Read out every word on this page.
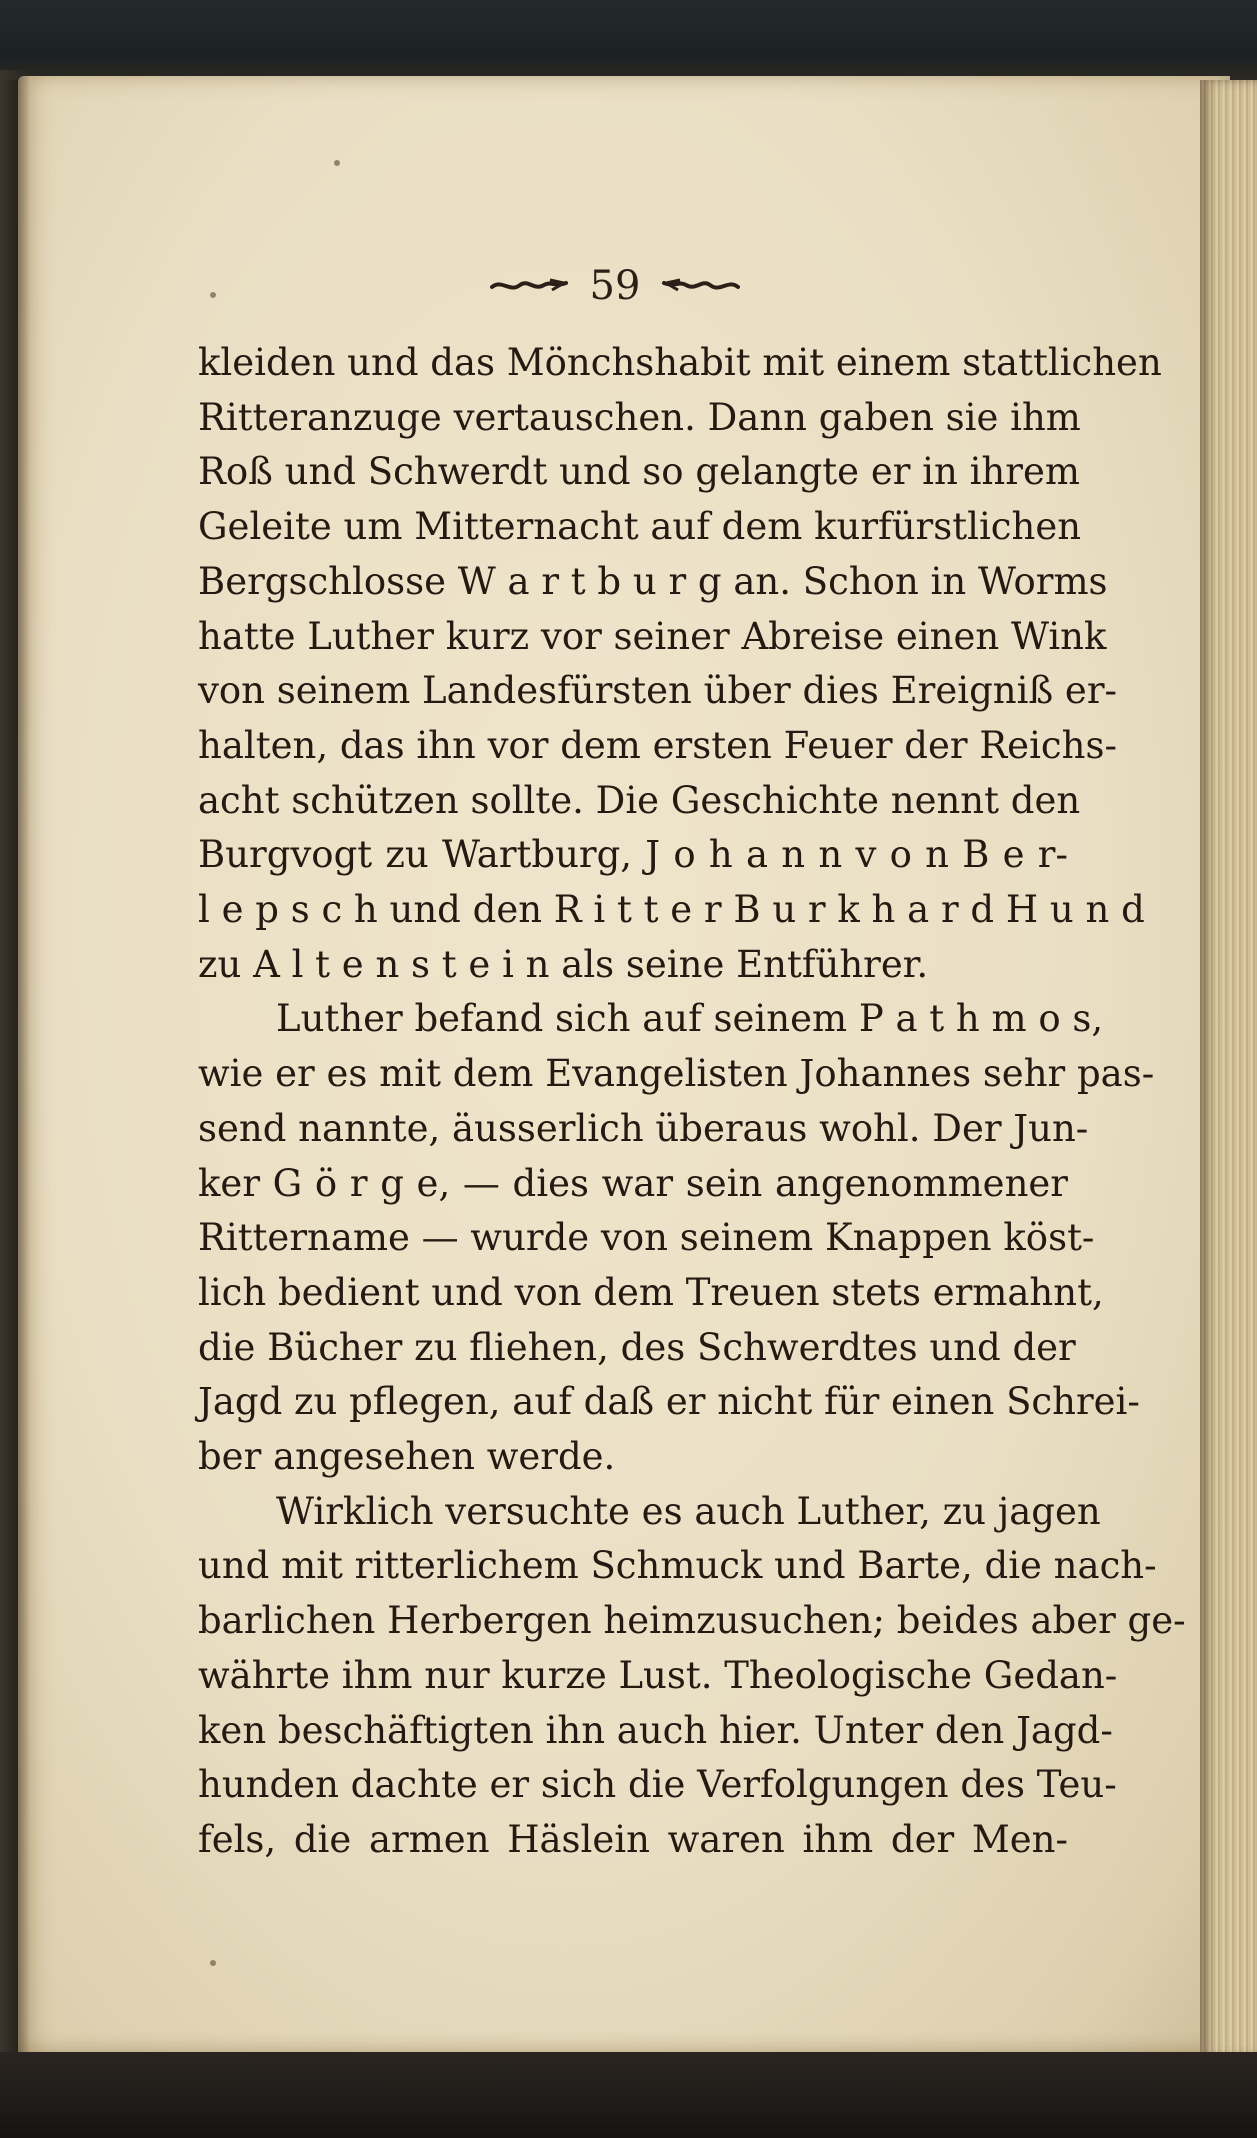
59
kleiden und das Mönchshabit mit einem stattlichen
Ritteranzuge vertauschen. Dann gaben sie ihm
Roß und Schwerdt und so gelangte er in ihrem
Geleite um Mitternacht auf dem kurfürstlichen
Bergschlosse W a r t b u r g an. Schon in Worms
hatte Luther kurz vor seiner Abreise einen Wink
von seinem Landesfürsten über dies Ereigniß er-
halten, das ihn vor dem ersten Feuer der Reichs-
acht schützen sollte. Die Geschichte nennt den
Burgvogt zu Wartburg, J o h a n n v o n B e r-
l e p s c h und den R i t t e r B u r k h a r d H u n d
zu A l t e n s t e i n als seine Entführer.
Luther befand sich auf seinem P a t h m o s,
wie er es mit dem Evangelisten Johannes sehr pas-
send nannte, äusserlich überaus wohl. Der Jun-
ker G ö r g e, — dies war sein angenommener
Rittername — wurde von seinem Knappen köst-
lich bedient und von dem Treuen stets ermahnt,
die Bücher zu fliehen, des Schwerdtes und der
Jagd zu pflegen, auf daß er nicht für einen Schrei-
ber angesehen werde.
Wirklich versuchte es auch Luther, zu jagen
und mit ritterlichem Schmuck und Barte, die nach-
barlichen Herbergen heimzusuchen; beides aber ge-
währte ihm nur kurze Lust. Theologische Gedan-
ken beschäftigten ihn auch hier. Unter den Jagd-
hunden dachte er sich die Verfolgungen des Teu-
fels, die armen Häslein waren ihm der Men-
